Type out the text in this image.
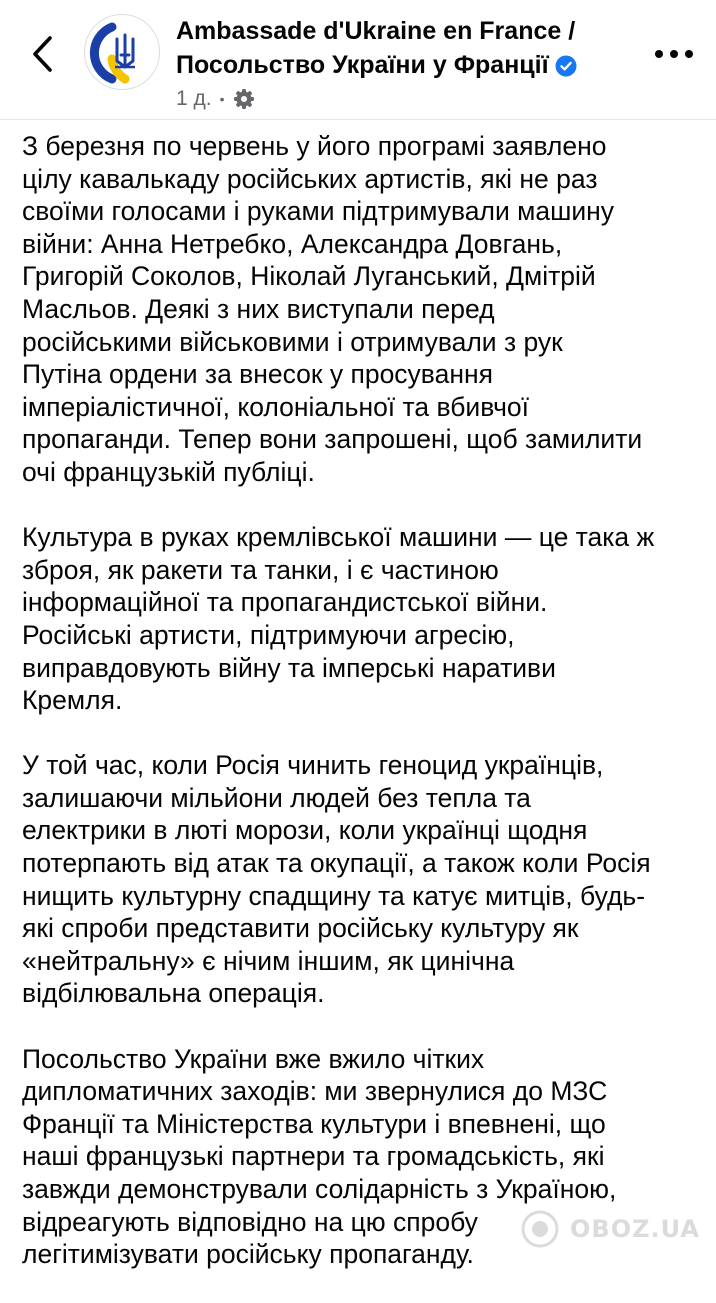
Ambassade d'Ukraine en France /
Посольство України у Франції
1 д. •

З березня по червень у його програмі заявлено
цілу кавалькаду російських артистів, які не раз
своїми голосами і руками підтримували машину
війни: Анна Нетребко, Александра Довгань,
Григорій Соколов, Ніколай Луганський, Дмітрій
Масльов. Деякі з них виступали перед
російськими військовими і отримували з рук
Путіна ордени за внесок у просування
імперіалістичної, колоніальної та вбивчої
пропаганди. Тепер вони запрошені, щоб замилити
очі французькій публіці.

Культура в руках кремлівської машини — це така ж
зброя, як ракети та танки, і є частиною
інформаційної та пропагандистської війни.
Російські артисти, підтримуючи агресію,
виправдовують війну та імперські наративи
Кремля.

У той час, коли Росія чинить геноцид українців,
залишаючи мільйони людей без тепла та
електрики в люті морози, коли українці щодня
потерпають від атак та окупації, а також коли Росія
нищить культурну спадщину та катує митців, будь-
які спроби представити російську культуру як
«нейтральну» є нічим іншим, як цинічна
відбілювальна операція.

Посольство України вже вжило чітких
дипломатичних заходів: ми звернулися до МЗС
Франції та Міністерства культури і впевнені, що
наші французькі партнери та громадськість, які
завжди демонстрували солідарність з Україною,
відреагують відповідно на цю спробу
легітимізувати російську пропаганду.

OBOZ.UA
